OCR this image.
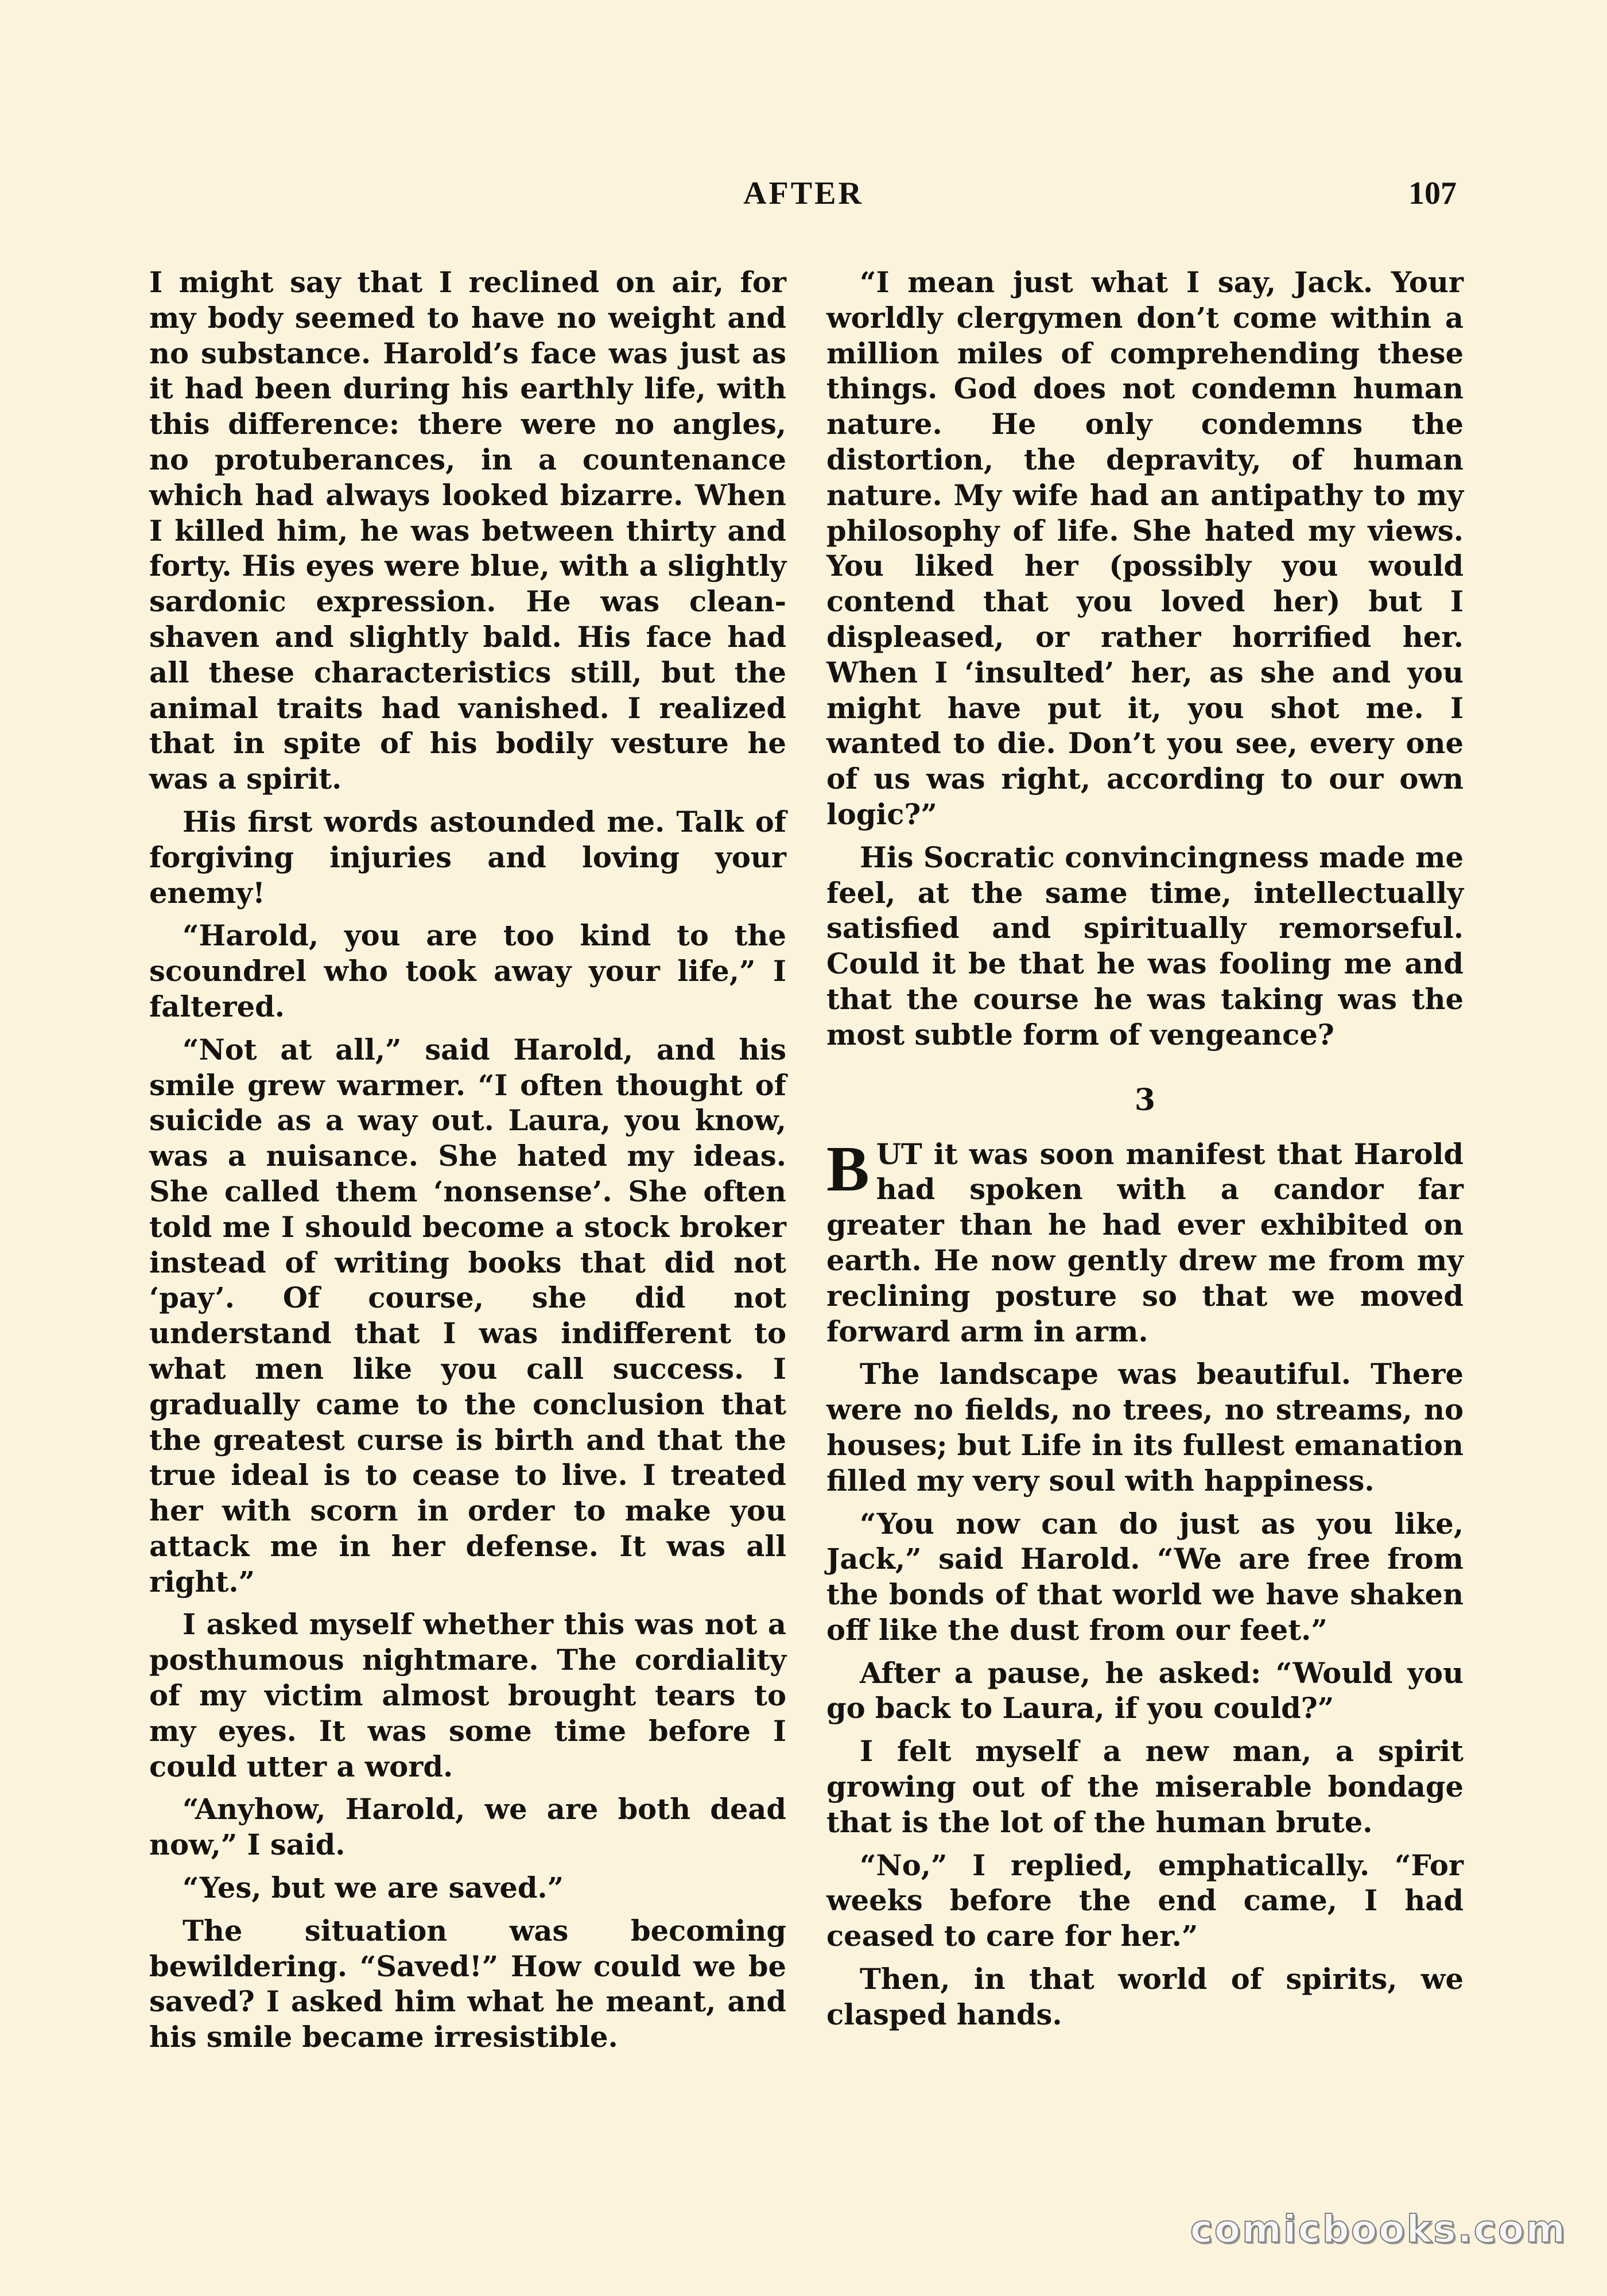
AFTER	107

I might say that I reclined on air, for my body seemed to have no weight and no substance. Harold’s face was just as it had been during his earthly life, with this difference: there were no angles, no protuberances, in a countenance which had always looked bizarre. When I killed him, he was between thirty and forty. His eyes were blue, with a slightly sardonic expression. He was clean-shaven and slightly bald. His face had all these characteristics still, but the animal traits had vanished. I realized that in spite of his bodily vesture he was a spirit.

His first words astounded me. Talk of forgiving injuries and loving your enemy!

“Harold, you are too kind to the scoundrel who took away your life,” I faltered.

“Not at all,” said Harold, and his smile grew warmer. “I often thought of suicide as a way out. Laura, you know, was a nuisance. She hated my ideas. She called them ‘nonsense’. She often told me I should become a stock broker instead of writing books that did not ‘pay’. Of course, she did not understand that I was indifferent to what men like you call success. I gradually came to the conclusion that the greatest curse is birth and that the true ideal is to cease to live. I treated her with scorn in order to make you attack me in her defense. It was all right.”

I asked myself whether this was not a posthumous nightmare. The cordiality of my victim almost brought tears to my eyes. It was some time before I could utter a word.

“Anyhow, Harold, we are both dead now,” I said.

“Yes, but we are saved.”

The situation was becoming bewildering. “Saved!” How could we be saved? I asked him what he meant, and his smile became irresistible.

“I mean just what I say, Jack. Your worldly clergymen don’t come within a million miles of comprehending these things. God does not condemn human nature. He only condemns the distortion, the depravity, of human nature. My wife had an antipathy to my philosophy of life. She hated my views. You liked her (possibly you would contend that you loved her) but I displeased, or rather horrified her. When I ‘insulted’ her, as she and you might have put it, you shot me. I wanted to die. Don’t you see, every one of us was right, according to our own logic?”

His Socratic convincingness made me feel, at the same time, intellectually satisfied and spiritually remorseful. Could it be that he was fooling me and that the course he was taking was the most subtle form of vengeance?

3

BUT it was soon manifest that Harold had spoken with a candor far greater than he had ever exhibited on earth. He now gently drew me from my reclining posture so that we moved forward arm in arm.

The landscape was beautiful. There were no fields, no trees, no streams, no houses; but Life in its fullest emanation filled my very soul with happiness.

“You now can do just as you like, Jack,” said Harold. “We are free from the bonds of that world we have shaken off like the dust from our feet.”

After a pause, he asked: “Would you go back to Laura, if you could?”

I felt myself a new man, a spirit growing out of the miserable bondage that is the lot of the human brute.

“No,” I replied, emphatically. “For weeks before the end came, I had ceased to care for her.”

Then, in that world of spirits, we clasped hands.

comicbooks.com
